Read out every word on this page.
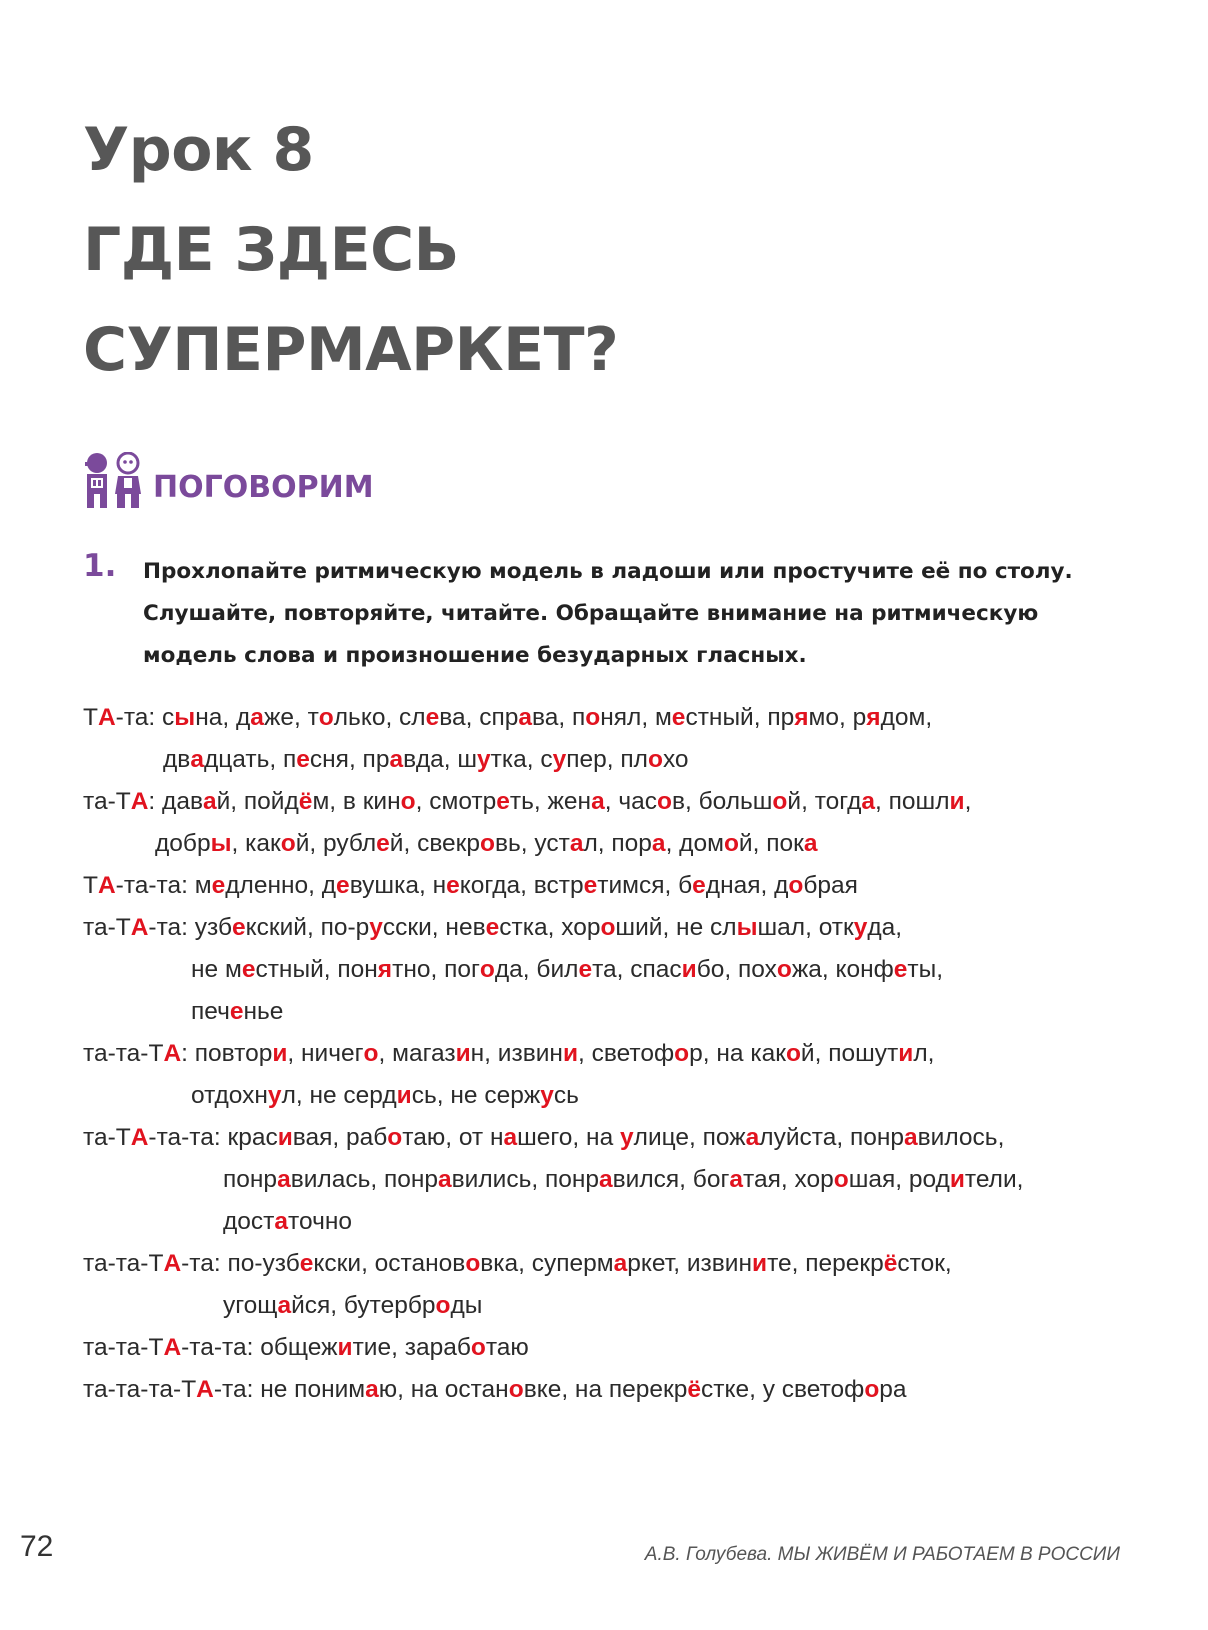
Урок 8
ГДЕ ЗДЕСЬ
СУПЕРМАРКЕТ?
ПОГОВОРИМ
1. Прохлопайте ритмическую модель в ладоши или простучите её по столу.
Слушайте, повторяйте, читайте. Обращайте внимание на ритмическую
модель слова и произношение безударных гласных.

ТА-та: сына, даже, только, слева, справа, понял, местный, прямо, рядом,
двадцать, песня, правда, шутка, супер, плохо
та-ТА: давай, пойдём, в кино, смотреть, жена, часов, большой, тогда, пошли,
добры, какой, рублей, свекровь, устал, пора, домой, пока
ТА-та-та: медленно, девушка, некогда, встретимся, бедная, добрая
та-ТА-та: узбекский, по-русски, невестка, хороший, не слышал, откуда,
не местный, понятно, погода, билета, спасибо, похожа, конфеты,
печенье
та-та-ТА: повтори, ничего, магазин, извини, светофор, на какой, пошутил,
отдохнул, не сердись, не сержусь
та-ТА-та-та: красивая, работаю, от нашего, на улице, пожалуйста, понравилось,
понравилась, понравились, понравился, богатая, хорошая, родители,
достаточно
та-та-ТА-та: по-узбекски, останововка, супермаркет, извините, перекрёсток,
угощайся, бутерброды
та-та-ТА-та-та: общежитие, заработаю
та-та-та-ТА-та: не понимаю, на остановке, на перекрёстке, у светофора
72	А.В. Голубева. МЫ ЖИВЁМ И РАБОТАЕМ В РОССИИ
